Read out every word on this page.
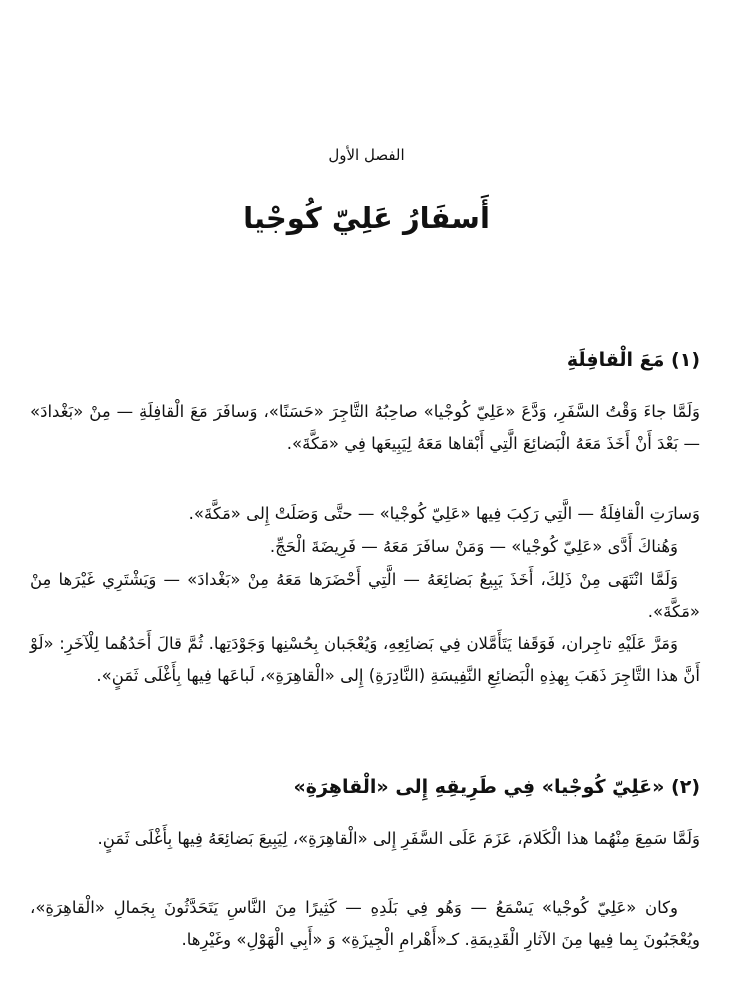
الفصل الأول
أَسفَارُ عَلِيّ كُوجْيا
(١) مَعَ الْقافِلَةِ

وَلَمَّا جاءَ وَقْتُ السَّفَرِ، وَدَّعَ «عَلِيّ كُوجْيا» صاحِبُهُ التَّاجِرَ «حَسَنًا»، وَسافَرَ مَعَ الْقافِلَةِ — مِنْ «بَغْدادَ» — بَعْدَ أَنْ أَخَذَ مَعَهُ الْبَضائِعَ الَّتِي أَبْقاها مَعَهُ لِيَبِيعَها فِي «مَكَّةَ».

وَسارَتِ الْقافِلَةُ — الَّتِي رَكِبَ فِيها «عَلِيّ كُوجْيا» — حتَّى وَصَلَتْ إِلى «مَكَّةَ».

وَهُناكَ أَدَّى «عَلِيّ كُوجْيا» — وَمَنْ سافَرَ مَعَهُ — فَرِيضَةَ الْحَجِّ.

وَلَمَّا انْتَهَى مِنْ ذَلِكَ، أَخَذَ يَبِيعُ بَضائِعَهُ — الَّتِي أَحْضَرَها مَعَهُ مِنْ «بَغْدادَ» — وَيَشْتَرِي غَيْرَها مِنْ «مَكَّةَ».

وَمَرَّ عَلَيْهِ تاجِران، فَوَقَفا يَتَأَمَّلان فِي بَضائِعِهِ، وَيُعْجَبان بِحُسْنِها وَجَوْدَتِها. ثُمَّ قالَ أَحَدُهُما لِلْآخَرِ: «لَوْ أَنَّ هذا التَّاجِرَ ذَهَبَ بِهذِهِ الْبَضائِعِ النَّفِيسَةِ (النَّادِرَةِ) إِلى «الْقاهِرَةِ»، لَباعَها فِيها بِأَغْلَى ثَمَنٍ».

(٢) «عَلِيّ كُوجْيا» فِي طَرِيقِهِ إِلى «الْقاهِرَةِ»

وَلَمَّا سَمِعَ مِنْهُما هذا الْكَلامَ، عَزَمَ عَلَى السَّفَرِ إِلى «الْقاهِرَةِ»، لِيَبِيعَ بَضائِعَهُ فِيها بِأَغْلَى ثَمَنٍ.

وكان «عَلِيّ كُوجْيا» يَسْمَعُ — وَهُو فِي بَلَدِهِ — كَثِيرًا مِنَ النَّاسِ يَتَحَدَّثُونَ بِجَمالِ «الْقاهِرَةِ»، ويُعْجَبُونَ بِما فِيها مِنَ الآثارِ الْقَدِيمَةِ. كـ«أَهْرامِ الْجِيزَةِ» وَ «أَبِي الْهَوْلِ» وغَيْرِها.
